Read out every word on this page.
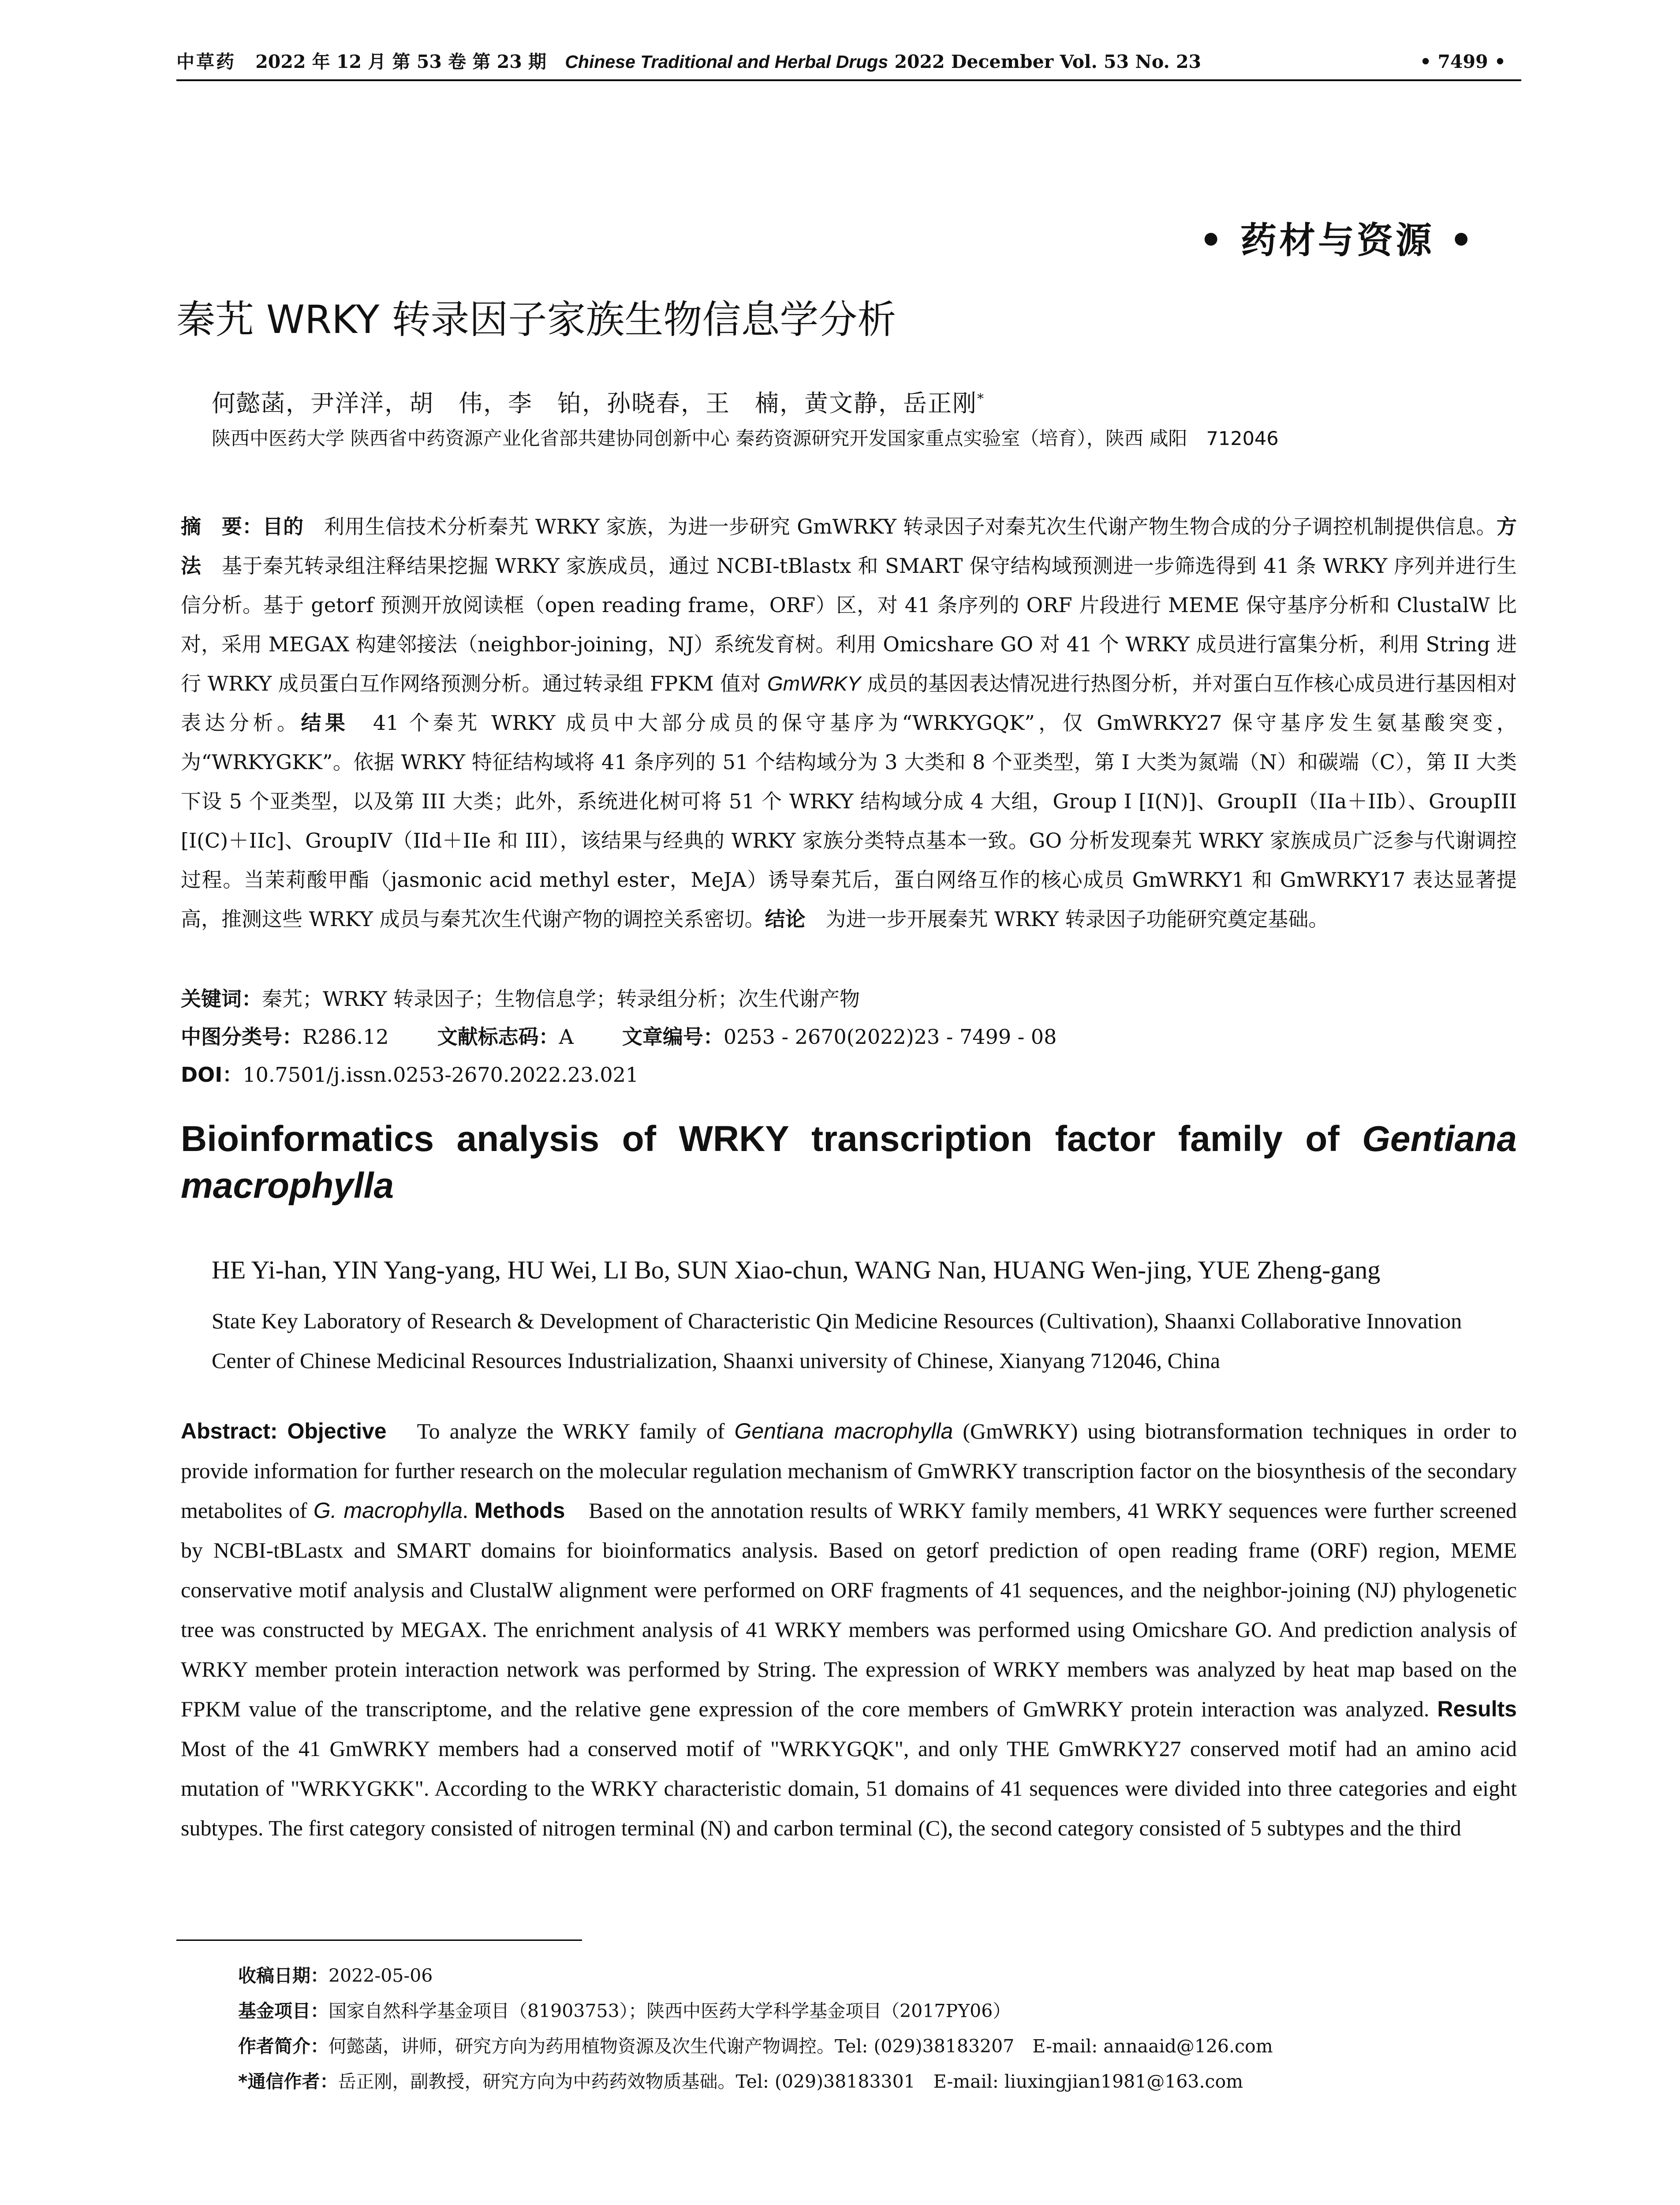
中草药 2022 年 12 月 第 53 卷 第 23 期 Chinese Traditional and Herbal Drugs 2022 December Vol. 53 No. 23	• 7499 •
• 药材与资源 •
秦艽 WRKY 转录因子家族生物信息学分析
何懿菡，尹洋洋，胡　伟，李　铂，孙晓春，王　楠，黄文静，岳正刚*
陕西中医药大学 陕西省中药资源产业化省部共建协同创新中心 秦药资源研究开发国家重点实验室（培育），陕西 咸阳　712046
摘　要：目的　 利用生信技术分析秦艽 WRKY 家族，为进一步研究 GmWRKY 转录因子对秦艽次生代谢产物生物合成的分子调控机制提供信息。方法　 基于秦艽转录组注释结果挖掘 WRKY 家族成员，通过 NCBI-tBlastx 和 SMART 保守结构域预测进一步筛选得到 41 条 WRKY 序列并进行生信分析。基于 getorf 预测开放阅读框（open reading frame，ORF）区，对 41 条序列的 ORF 片段进行 MEME 保守基序分析和 ClustalW 比对，采用 MEGAX 构建邻接法（neighbor-joining，NJ）系统发育树。利用 Omicshare GO 对 41 个 WRKY 成员进行富集分析，利用 String 进行 WRKY 成员蛋白互作网络预测分析。通过转录组 FPKM 值对 GmWRKY 成员的基因表达情况进行热图分析，并对蛋白互作核心成员进行基因相对表达分析。结果　 41 个秦艽 WRKY 成员中大部分成员的保守基序为“WRKYGQK”，仅 GmWRKY27 保守基序发生氨基酸突变，为“WRKYGKK”。依据 WRKY 特征结构域将 41 条序列的 51 个结构域分为 3 大类和 8 个亚类型，第 I 大类为氮端（N）和碳端（C），第 II 大类下设 5 个亚类型，以及第 III 大类；此外，系统进化树可将 51 个 WRKY 结构域分成 4 大组，Group I [I(N)]、GroupII（IIa＋IIb）、GroupIII [I(C)＋IIc]、GroupIV（IId＋IIe 和 III），该结果与经典的 WRKY 家族分类特点基本一致。GO 分析发现秦艽 WRKY 家族成员广泛参与代谢调控过程。当茉莉酸甲酯（jasmonic acid methyl ester，MeJA）诱导秦艽后，蛋白网络互作的核心成员 GmWRKY1 和 GmWRKY17 表达显著提高，推测这些 WRKY 成员与秦艽次生代谢产物的调控关系密切。结论　 为进一步开展秦艽 WRKY 转录因子功能研究奠定基础。
关键词：秦艽；WRKY 转录因子；生物信息学；转录组分析；次生代谢产物
中图分类号：R286.12 文献标志码：A 文章编号：0253 - 2670(2022)23 - 7499 - 08
DOI：10.7501/j.issn.0253-2670.2022.23.021
Bioinformatics analysis of WRKY transcription factor family of Gentiana macrophylla
HE Yi-han, YIN Yang-yang, HU Wei, LI Bo, SUN Xiao-chun, WANG Nan, HUANG Wen-jing, YUE Zheng-gang
State Key Laboratory of Research & Development of Characteristic Qin Medicine Resources (Cultivation), Shaanxi Collaborative Innovation Center of Chinese Medicinal Resources Industrialization, Shaanxi university of Chinese, Xianyang 712046, China
Abstract: Objective　 To analyze the WRKY family of Gentiana macrophylla (GmWRKY) using biotransformation techniques in order to provide information for further research on the molecular regulation mechanism of GmWRKY transcription factor on the biosynthesis of the secondary metabolites of G. macrophylla. Methods　 Based on the annotation results of WRKY family members, 41 WRKY sequences were further screened by NCBI-tBLastx and SMART domains for bioinformatics analysis. Based on getorf prediction of open reading frame (ORF) region, MEME conservative motif analysis and ClustalW alignment were performed on ORF fragments of 41 sequences, and the neighbor-joining (NJ) phylogenetic tree was constructed by MEGAX. The enrichment analysis of 41 WRKY members was performed using Omicshare GO. And prediction analysis of WRKY member protein interaction network was performed by String. The expression of WRKY members was analyzed by heat map based on the FPKM value of the transcriptome, and the relative gene expression of the core members of GmWRKY protein interaction was analyzed. Results　Most of the 41 GmWRKY members had a conserved motif of "WRKYGQK", and only THE GmWRKY27 conserved motif had an amino acid mutation of "WRKYGKK". According to the WRKY characteristic domain, 51 domains of 41 sequences were divided into three categories and eight subtypes. The first category consisted of nitrogen terminal (N) and carbon terminal (C), the second category consisted of 5 subtypes and the third
收稿日期：2022-05-06
基金项目：国家自然科学基金项目（81903753）；陕西中医药大学科学基金项目（2017PY06）
作者简介：何懿菡，讲师，研究方向为药用植物资源及次生代谢产物调控。Tel: (029)38183207　E-mail: annaaid@126.com
*通信作者：岳正刚，副教授，研究方向为中药药效物质基础。Tel: (029)38183301　E-mail: liuxingjian1981@163.com
